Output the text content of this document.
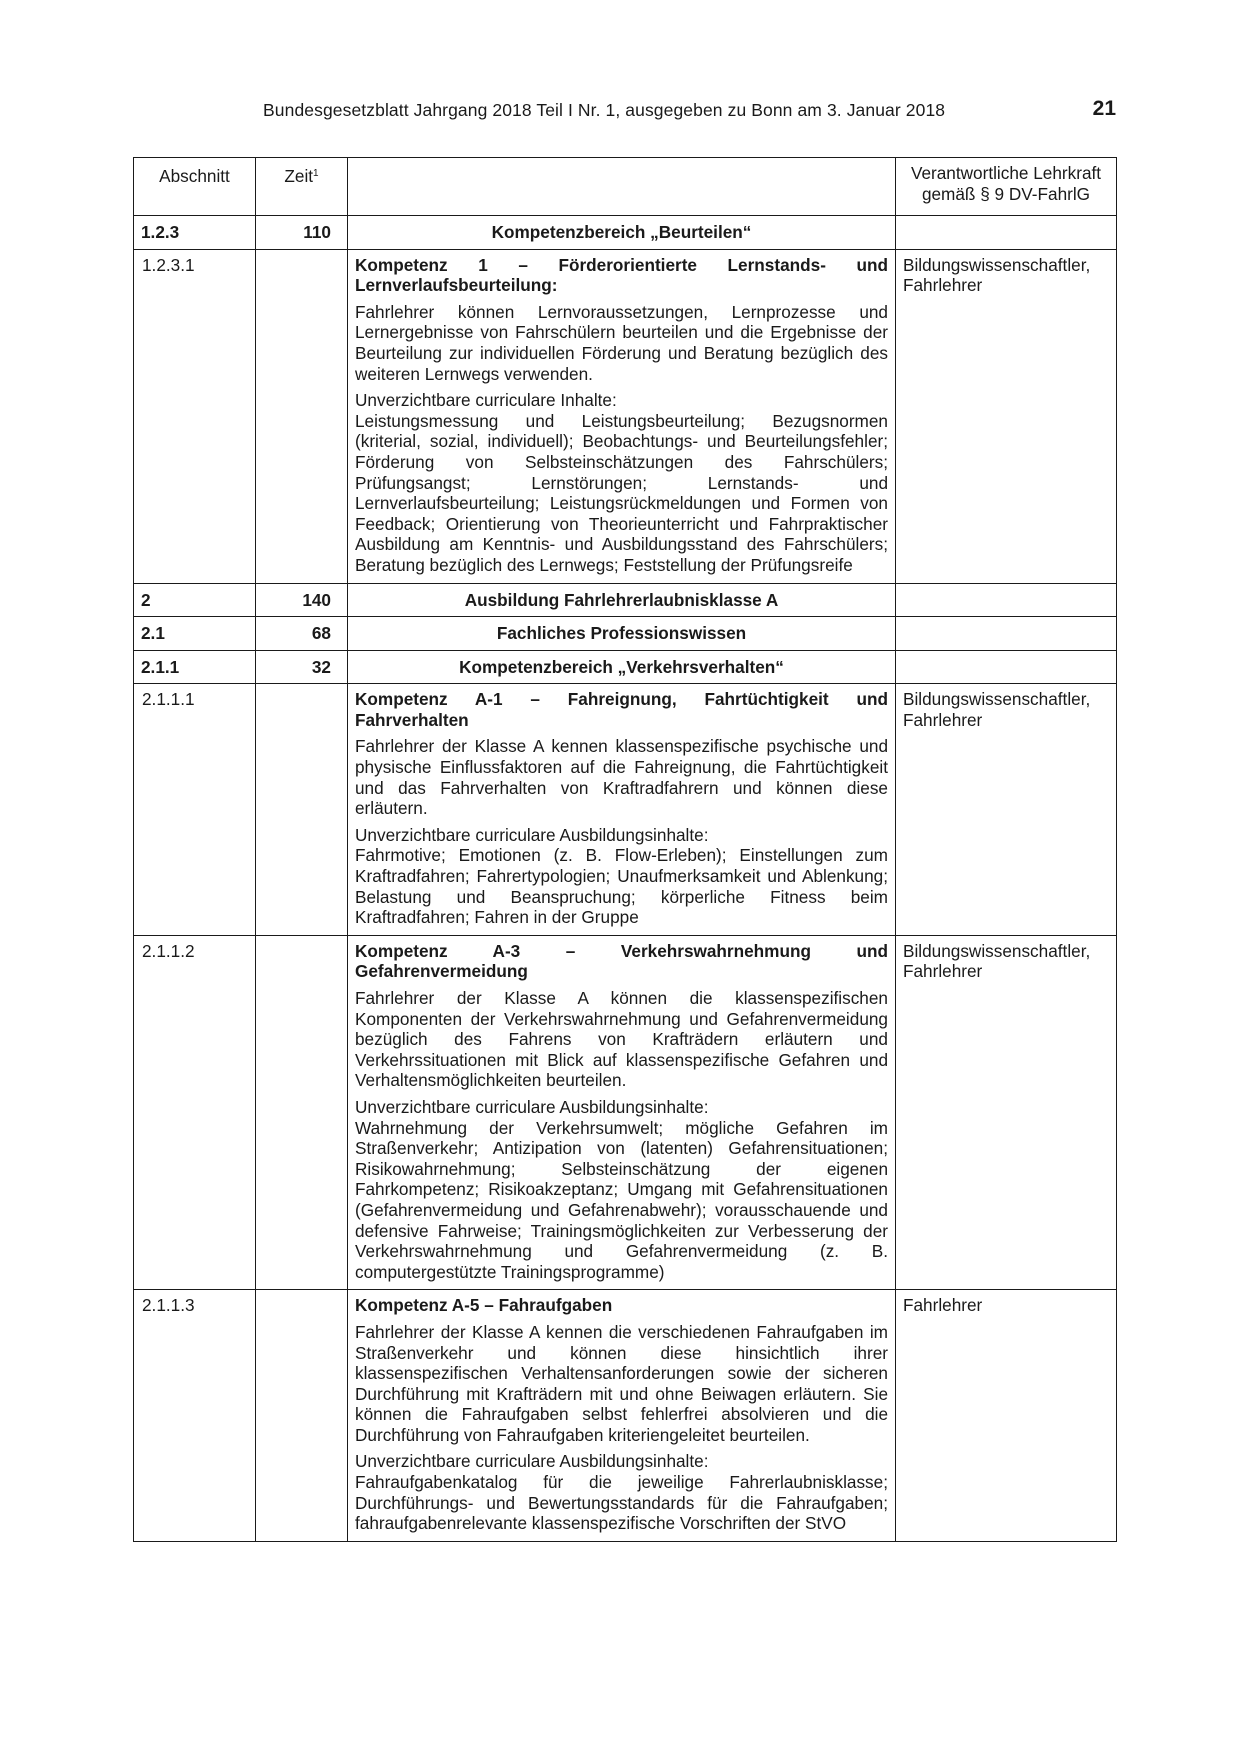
Bundesgesetzblatt Jahrgang 2018 Teil I Nr. 1, ausgegeben zu Bonn am 3. Januar 2018	21
Abschnitt	Zeit$^1$		Verantwortliche Lehrkraft
gemäß § 9 DV-FahrlG

1.2.3	110	Kompetenzbereich „Beurteilen“	
1.2.3.1		Kompetenz 1 – Förderorientierte Lernstands- und Lernverlaufsbeurteilung:
Fahrlehrer können Lernvoraussetzungen, Lernprozesse und Lernergebnisse von Fahrschülern beurteilen und die Ergebnisse der Beurteilung zur individuellen Förderung und Beratung bezüglich des weiteren Lernwegs verwenden.
Unverzichtbare curriculare Inhalte:
Leistungsmessung und Leistungsbeurteilung; Bezugsnormen (kriterial, sozial, individuell); Beobachtungs- und Beurteilungsfehler; Förderung von Selbsteinschätzungen des Fahrschülers; Prüfungsangst; Lernstörungen; Lernstands- und Lernverlaufsbeurteilung; Leistungsrückmeldungen und Formen von Feedback; Orientierung von Theorieunterricht und Fahrpraktischer Ausbildung am Kenntnis- und Ausbildungsstand des Fahrschülers; Beratung bezüglich des Lernwegs; Feststellung der Prüfungsreife	Bildungswissenschaftler, Fahrlehrer
2	140	Ausbildung Fahrlehrerlaubnisklasse A	
2.1	68	Fachliches Professionswissen	
2.1.1	32	Kompetenzbereich „Verkehrsverhalten“	
2.1.1.1		Kompetenz A-1 – Fahreignung, Fahrtüchtigkeit und Fahrverhalten
Fahrlehrer der Klasse A kennen klassenspezifische psychische und physische Einflussfaktoren auf die Fahreignung, die Fahrtüchtigkeit und das Fahrverhalten von Kraftradfahrern und können diese erläutern.
Unverzichtbare curriculare Ausbildungsinhalte:
Fahrmotive; Emotionen (z. B. Flow-Erleben); Einstellungen zum Kraftradfahren; Fahrertypologien; Unaufmerksamkeit und Ablenkung; Belastung und Beanspruchung; körperliche Fitness beim Kraftradfahren; Fahren in der Gruppe	Bildungswissenschaftler, Fahrlehrer
2.1.1.2		Kompetenz A-3 – Verkehrswahrnehmung und Gefahrenvermeidung
Fahrlehrer der Klasse A können die klassenspezifischen Komponenten der Verkehrswahrnehmung und Gefahrenvermeidung bezüglich des Fahrens von Krafträdern erläutern und Verkehrssituationen mit Blick auf klassenspezifische Gefahren und Verhaltensmöglichkeiten beurteilen.
Unverzichtbare curriculare Ausbildungsinhalte:
Wahrnehmung der Verkehrsumwelt; mögliche Gefahren im Straßenverkehr; Antizipation von (latenten) Gefahrensituationen; Risikowahrnehmung; Selbsteinschätzung der eigenen Fahrkompetenz; Risikoakzeptanz; Umgang mit Gefahrensituationen (Gefahrenvermeidung und Gefahrenabwehr); vorausschauende und defensive Fahrweise; Trainingsmöglichkeiten zur Verbesserung der Verkehrswahrnehmung und Gefahrenvermeidung (z. B. computergestützte Trainingsprogramme)	Bildungswissenschaftler, Fahrlehrer
2.1.1.3		Kompetenz A-5 – Fahraufgaben
Fahrlehrer der Klasse A kennen die verschiedenen Fahraufgaben im Straßenverkehr und können diese hinsichtlich ihrer klassenspezifischen Verhaltensanforderungen sowie der sicheren Durchführung mit Krafträdern mit und ohne Beiwagen erläutern. Sie können die Fahraufgaben selbst fehlerfrei absolvieren und die Durchführung von Fahraufgaben kriteriengeleitet beurteilen.
Unverzichtbare curriculare Ausbildungsinhalte:
Fahraufgabenkatalog für die jeweilige Fahrerlaubnisklasse; Durchführungs- und Bewertungsstandards für die Fahraufgaben; fahraufgabenrelevante klassenspezifische Vorschriften der StVO	Fahrlehrer
